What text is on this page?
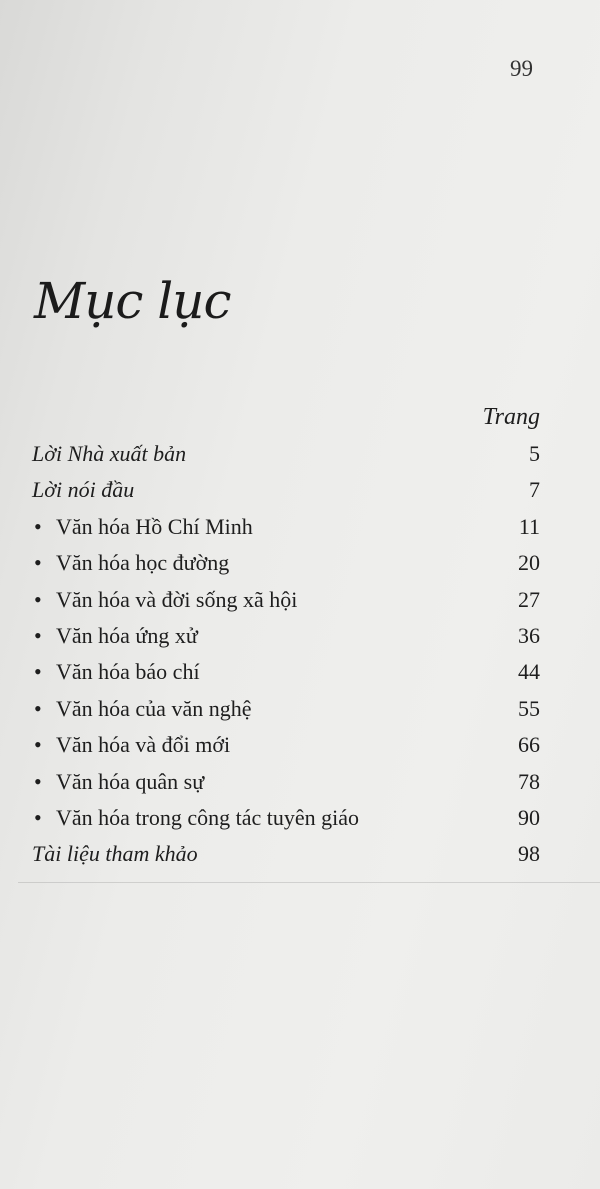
99
Mục lục
Trang
Lời Nhà xuất bản	5
Lời nói đầu	7
• Văn hóa Hồ Chí Minh	11
• Văn hóa học đường	20
• Văn hóa và đời sống xã hội	27
• Văn hóa ứng xử	36
• Văn hóa báo chí	44
• Văn hóa của văn nghệ	55
• Văn hóa và đổi mới	66
• Văn hóa quân sự	78
• Văn hóa trong công tác tuyên giáo	90
Tài liệu tham khảo	98
